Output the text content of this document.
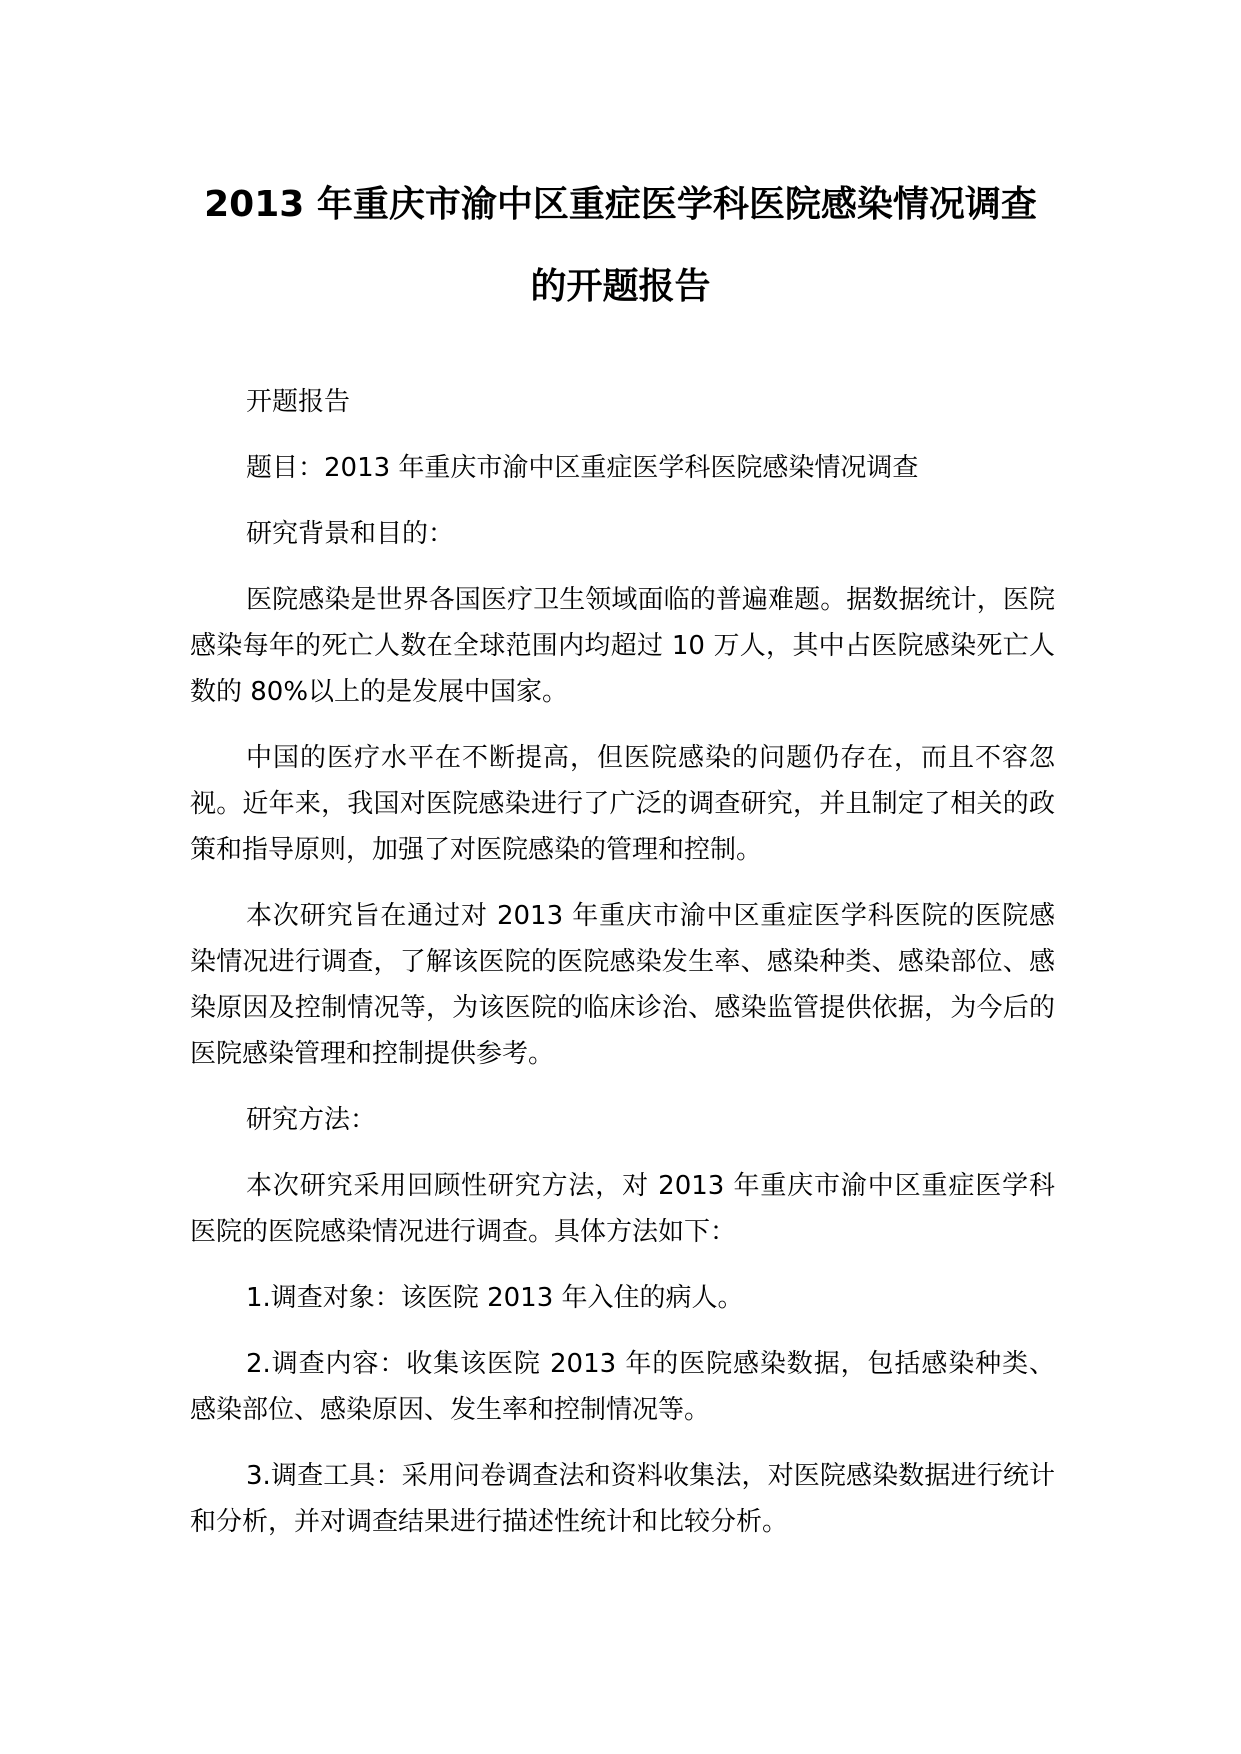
2013 年重庆市渝中区重症医学科医院感染情况调查
的开题报告

开题报告

题目：2013 年重庆市渝中区重症医学科医院感染情况调查

研究背景和目的：

医院感染是世界各国医疗卫生领域面临的普遍难题。据数据统计，医院感染每年的死亡人数在全球范围内均超过 10 万人，其中占医院感染死亡人数的 80%以上的是发展中国家。

中国的医疗水平在不断提高，但医院感染的问题仍存在，而且不容忽视。近年来，我国对医院感染进行了广泛的调查研究，并且制定了相关的政策和指导原则，加强了对医院感染的管理和控制。

本次研究旨在通过对 2013 年重庆市渝中区重症医学科医院的医院感染情况进行调查，了解该医院的医院感染发生率、感染种类、感染部位、感染原因及控制情况等，为该医院的临床诊治、感染监管提供依据，为今后的医院感染管理和控制提供参考。

研究方法：

本次研究采用回顾性研究方法，对 2013 年重庆市渝中区重症医学科医院的医院感染情况进行调查。具体方法如下：

1.调查对象：该医院 2013 年入住的病人。

2.调查内容：收集该医院 2013 年的医院感染数据，包括感染种类、感染部位、感染原因、发生率和控制情况等。

3.调查工具：采用问卷调查法和资料收集法，对医院感染数据进行统计和分析，并对调查结果进行描述性统计和比较分析。
